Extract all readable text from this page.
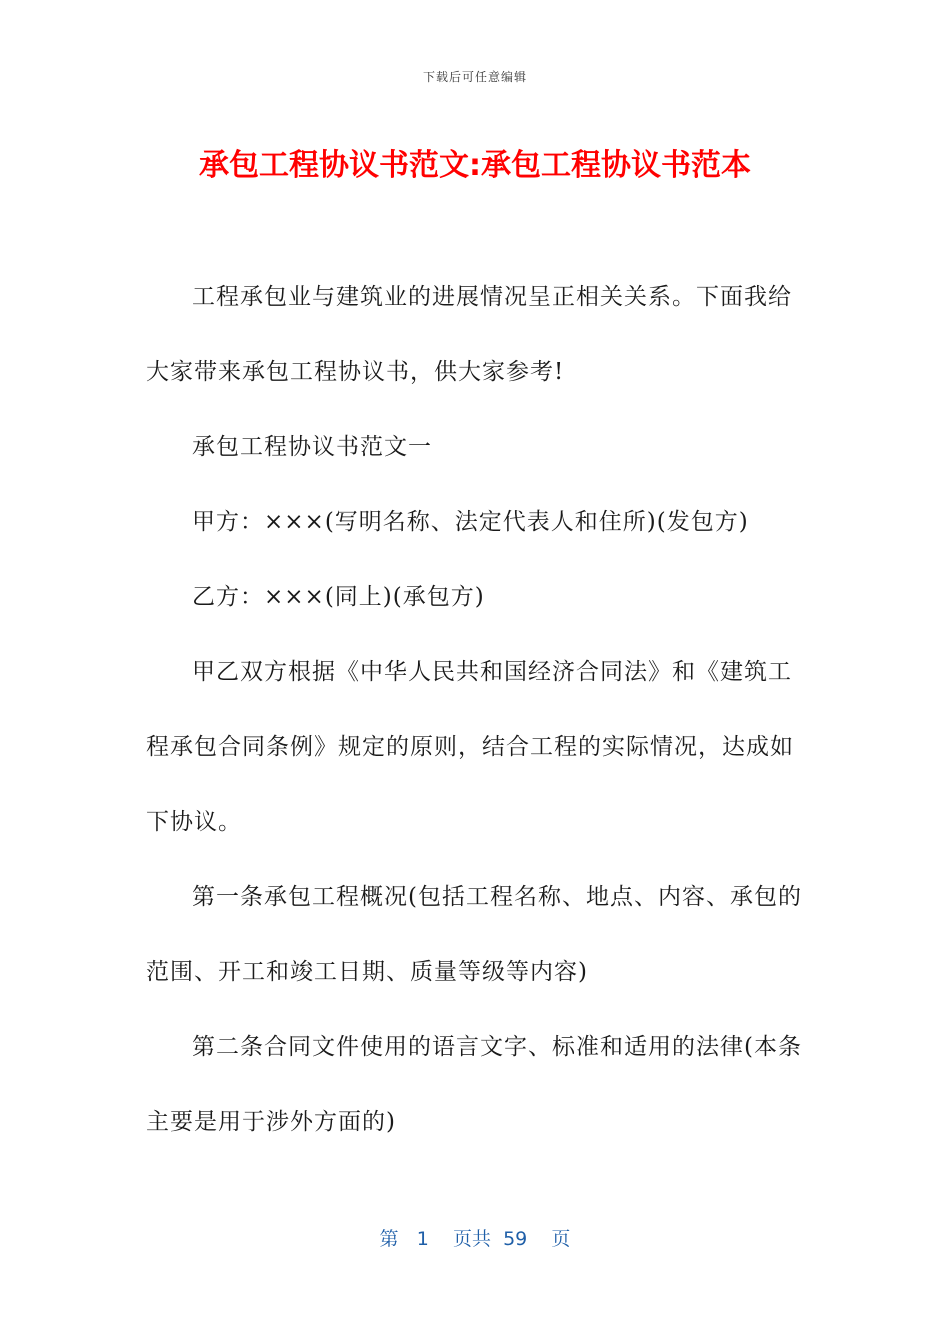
下载后可任意编辑
承包工程协议书范文:承包工程协议书范本

工程承包业与建筑业的进展情况呈正相关关系。下面我给大家带来承包工程协议书，供大家参考!

承包工程协议书范文一

甲方：×××(写明名称、法定代表人和住所)(发包方)

乙方：×××(同上)(承包方)

甲乙双方根据《中华人民共和国经济合同法》和《建筑工程承包合同条例》规定的原则，结合工程的实际情况，达成如下协议。

第一条承包工程概况(包括工程名称、地点、内容、承包的范围、开工和竣工日期、质量等级等内容)

第二条合同文件使用的语言文字、标准和适用的法律(本条主要是用于涉外方面的)

第 1 页共 59 页
